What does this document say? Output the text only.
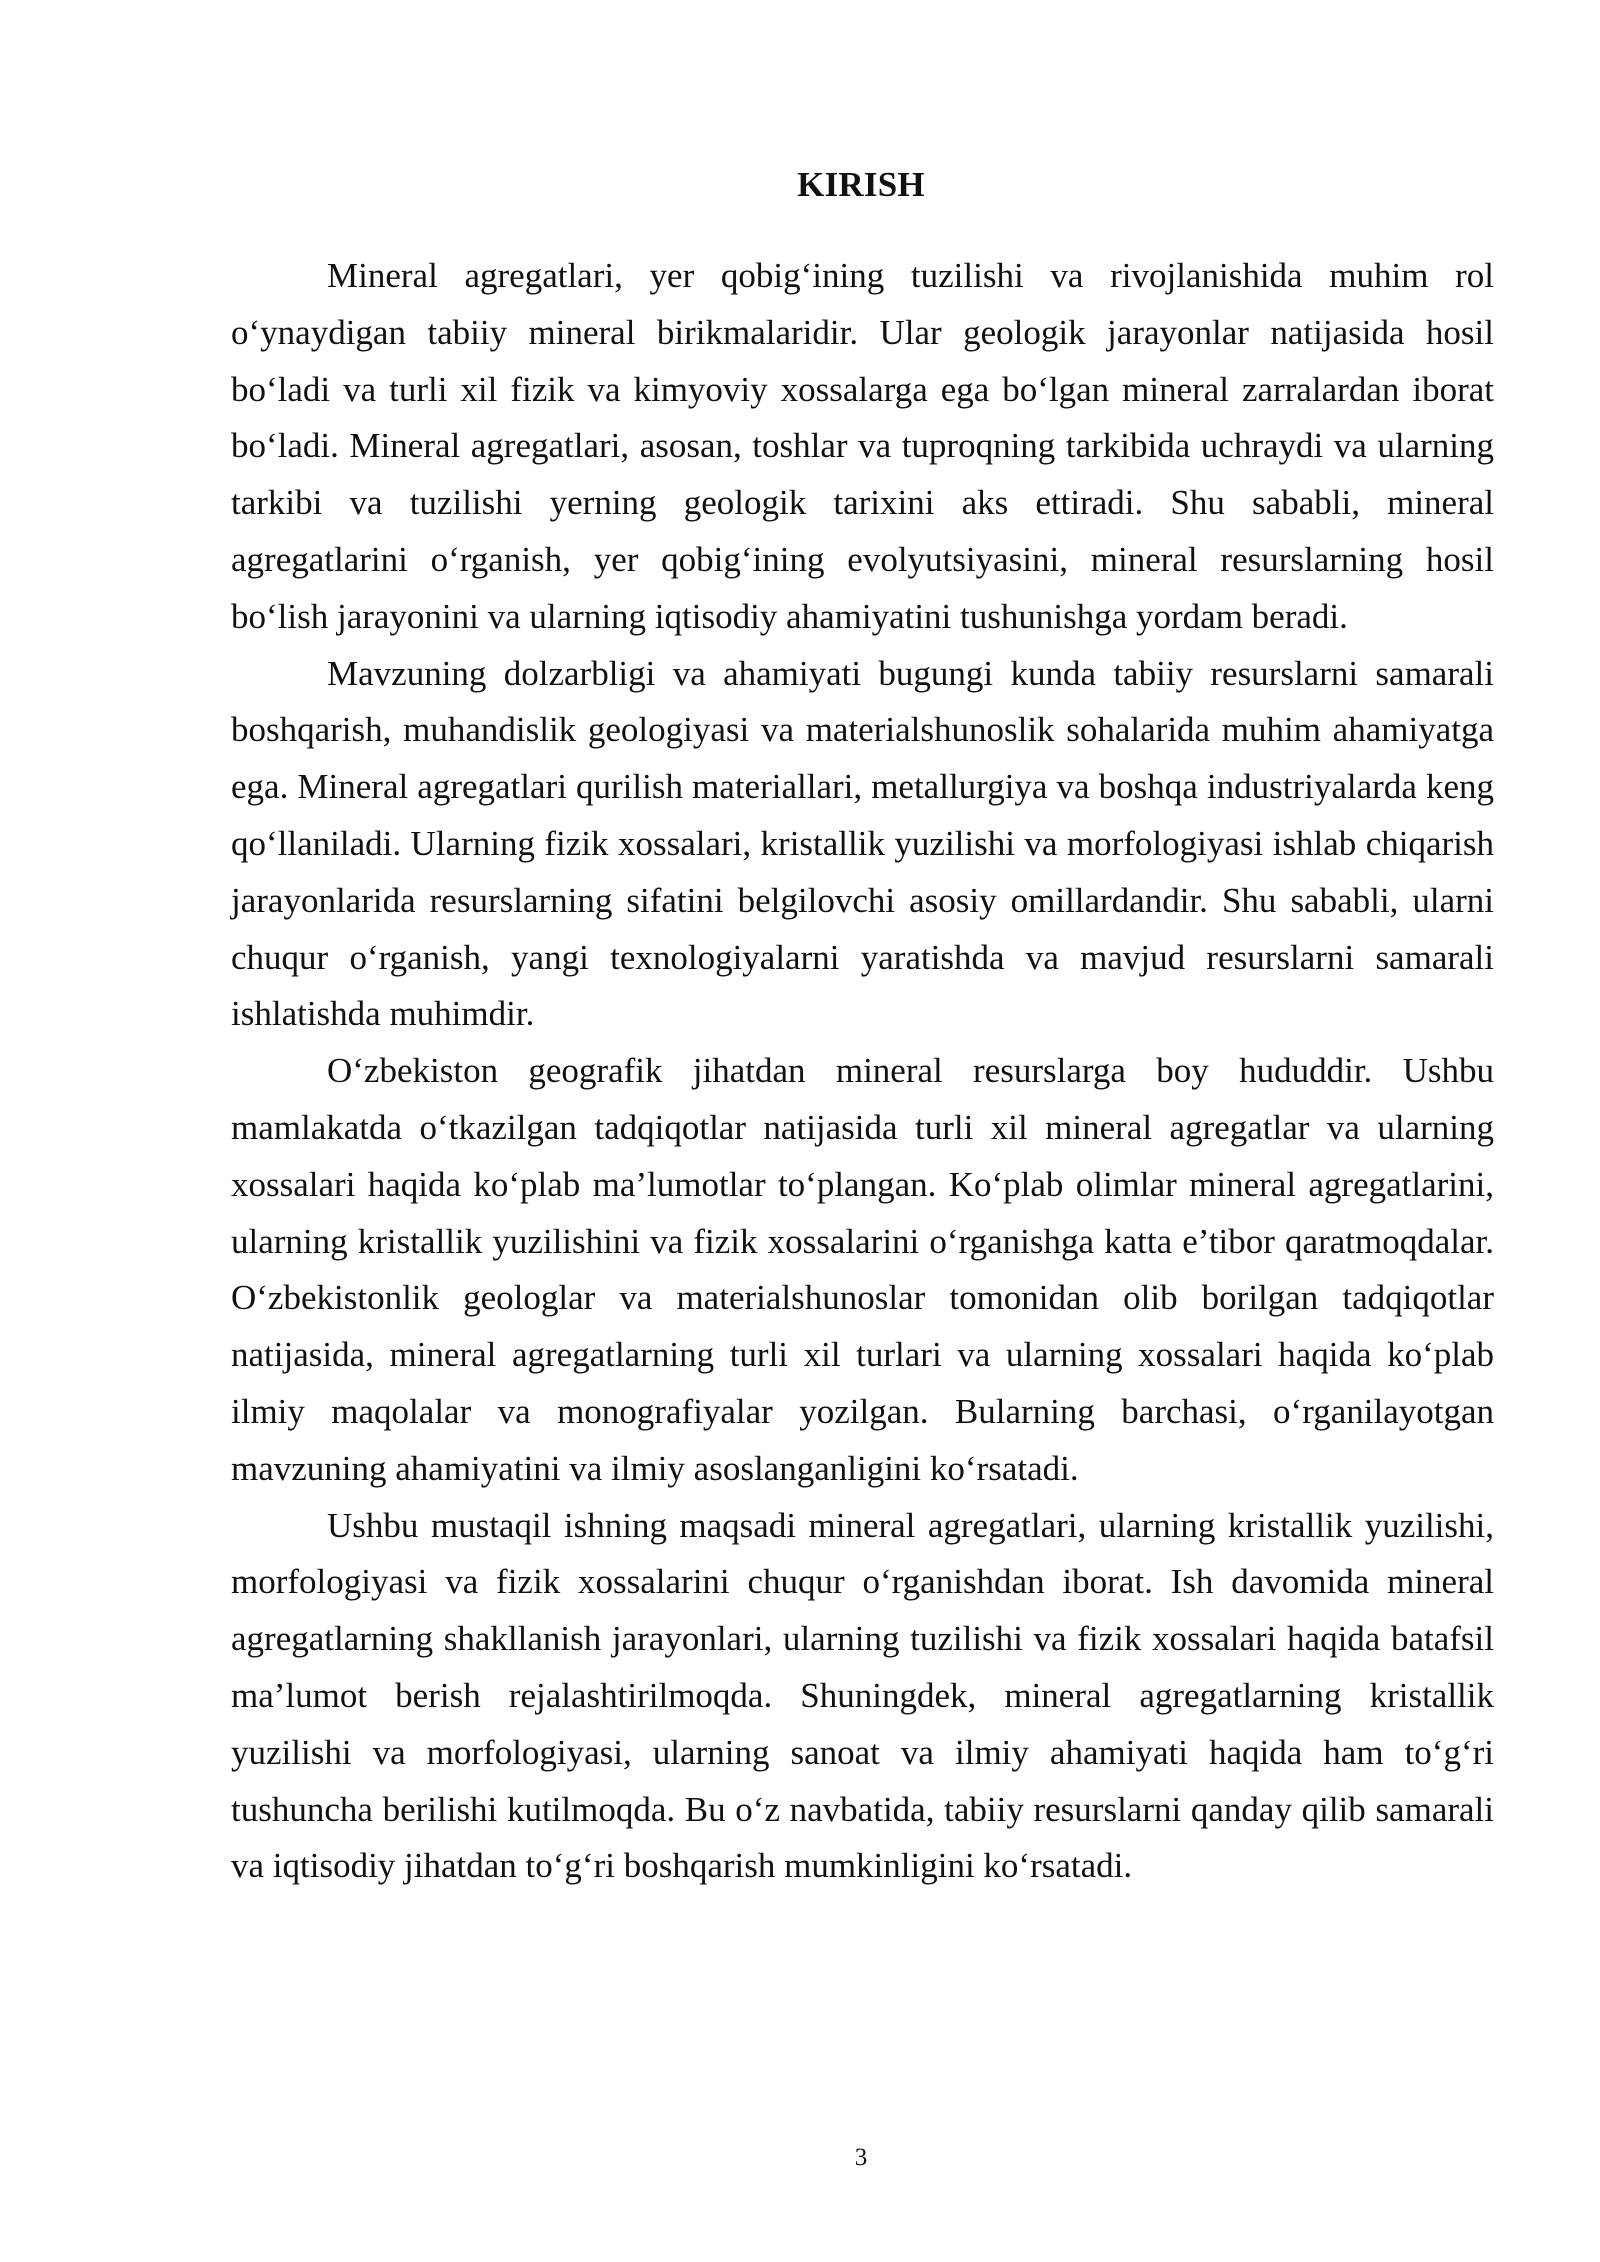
KIRISH

Mineral agregatlari, yer qobig‘ining tuzilishi va rivojlanishida muhim rol o‘ynaydigan tabiiy mineral birikmalaridir. Ular geologik jarayonlar natijasida hosil bo‘ladi va turli xil fizik va kimyoviy xossalarga ega bo‘lgan mineral zarralardan iborat bo‘ladi. Mineral agregatlari, asosan, toshlar va tuproqning tarkibida uchraydi va ularning tarkibi va tuzilishi yerning geologik tarixini aks ettiradi. Shu sababli, mineral agregatlarini o‘rganish, yer qobig‘ining evolyutsiyasini, mineral resurslarning hosil bo‘lish jarayonini va ularning iqtisodiy ahamiyatini tushunishga yordam beradi.

Mavzuning dolzarbligi va ahamiyati bugungi kunda tabiiy resurslarni samarali boshqarish, muhandislik geologiyasi va materialshunoslik sohalarida muhim ahamiyatga ega. Mineral agregatlari qurilish materiallari, metallurgiya va boshqa industriyalarda keng qo‘llaniladi. Ularning fizik xossalari, kristallik yuzilishi va morfologiyasi ishlab chiqarish jarayonlarida resurslarning sifatini belgilovchi asosiy omillardandir. Shu sababli, ularni chuqur o‘rganish, yangi texnologiyalarni yaratishda va mavjud resurslarni samarali ishlatishda muhimdir.

O‘zbekiston geografik jihatdan mineral resurslarga boy hududdir. Ushbu mamlakatda o‘tkazilgan tadqiqotlar natijasida turli xil mineral agregatlar va ularning xossalari haqida ko‘plab ma’lumotlar to‘plangan. Ko‘plab olimlar mineral agregatlarini, ularning kristallik yuzilishini va fizik xossalarini o‘rganishga katta e’tibor qaratmoqdalar. O‘zbekistonlik geologlar va materialshunoslar tomonidan olib borilgan tadqiqotlar natijasida, mineral agregatlarning turli xil turlari va ularning xossalari haqida ko‘plab ilmiy maqolalar va monografiyalar yozilgan. Bularning barchasi, o‘rganilayotgan mavzuning ahamiyatini va ilmiy asoslanganligini ko‘rsatadi.

Ushbu mustaqil ishning maqsadi mineral agregatlari, ularning kristallik yuzilishi, morfologiyasi va fizik xossalarini chuqur o‘rganishdan iborat. Ish davomida mineral agregatlarning shakllanish jarayonlari, ularning tuzilishi va fizik xossalari haqida batafsil ma’lumot berish rejalashtirilmoqda. Shuningdek, mineral agregatlarning kristallik yuzilishi va morfologiyasi, ularning sanoat va ilmiy ahamiyati haqida ham to‘g‘ri tushuncha berilishi kutilmoqda. Bu o‘z navbatida, tabiiy resurslarni qanday qilib samarali va iqtisodiy jihatdan to‘g‘ri boshqarish mumkinligini ko‘rsatadi.

3
